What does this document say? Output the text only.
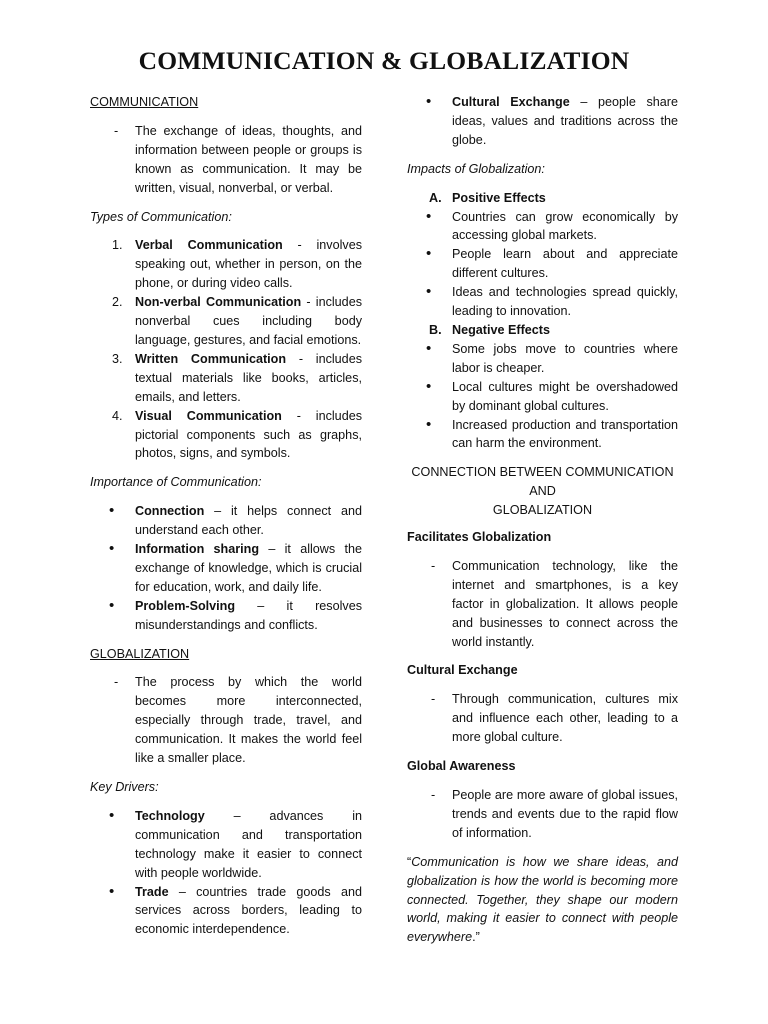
COMMUNICATION & GLOBALIZATION
COMMUNICATION
-	The exchange of ideas, thoughts, and information between people or groups is known as communication. It may be written, visual, nonverbal, or verbal.
Types of Communication:
1. Verbal Communication - involves speaking out, whether in person, on the phone, or during video calls.
2. Non-verbal Communication - includes nonverbal cues including body language, gestures, and facial emotions.
3. Written Communication - includes textual materials like books, articles, emails, and letters.
4. Visual Communication - includes pictorial components such as graphs, photos, signs, and symbols.
Importance of Communication:
•	Connection – it helps connect and understand each other.
•	Information sharing – it allows the exchange of knowledge, which is crucial for education, work, and daily life.
•	Problem-Solving – it resolves misunderstandings and conflicts.
GLOBALIZATION
-	The process by which the world becomes more interconnected, especially through trade, travel, and communication. It makes the world feel like a smaller place.
Key Drivers:
•	Technology – advances in communication and transportation technology make it easier to connect with people worldwide.
•	Trade – countries trade goods and services across borders, leading to economic interdependence.
•	Cultural Exchange – people share ideas, values and traditions across the globe.
Impacts of Globalization:
A. Positive Effects
•	Countries can grow economically by accessing global markets.
•	People learn about and appreciate different cultures.
•	Ideas and technologies spread quickly, leading to innovation.
B. Negative Effects
•	Some jobs move to countries where labor is cheaper.
•	Local cultures might be overshadowed by dominant global cultures.
•	Increased production and transportation can harm the environment.
CONNECTION BETWEEN COMMUNICATION AND
GLOBALIZATION
Facilitates Globalization
-	Communication technology, like the internet and smartphones, is a key factor in globalization. It allows people and businesses to connect across the world instantly.
Cultural Exchange
-	Through communication, cultures mix and influence each other, leading to a more global culture.
Global Awareness
-	People are more aware of global issues, trends and events due to the rapid flow of information.
“Communication is how we share ideas, and globalization is how the world is becoming more connected. Together, they shape our modern world, making it easier to connect with people everywhere.”
